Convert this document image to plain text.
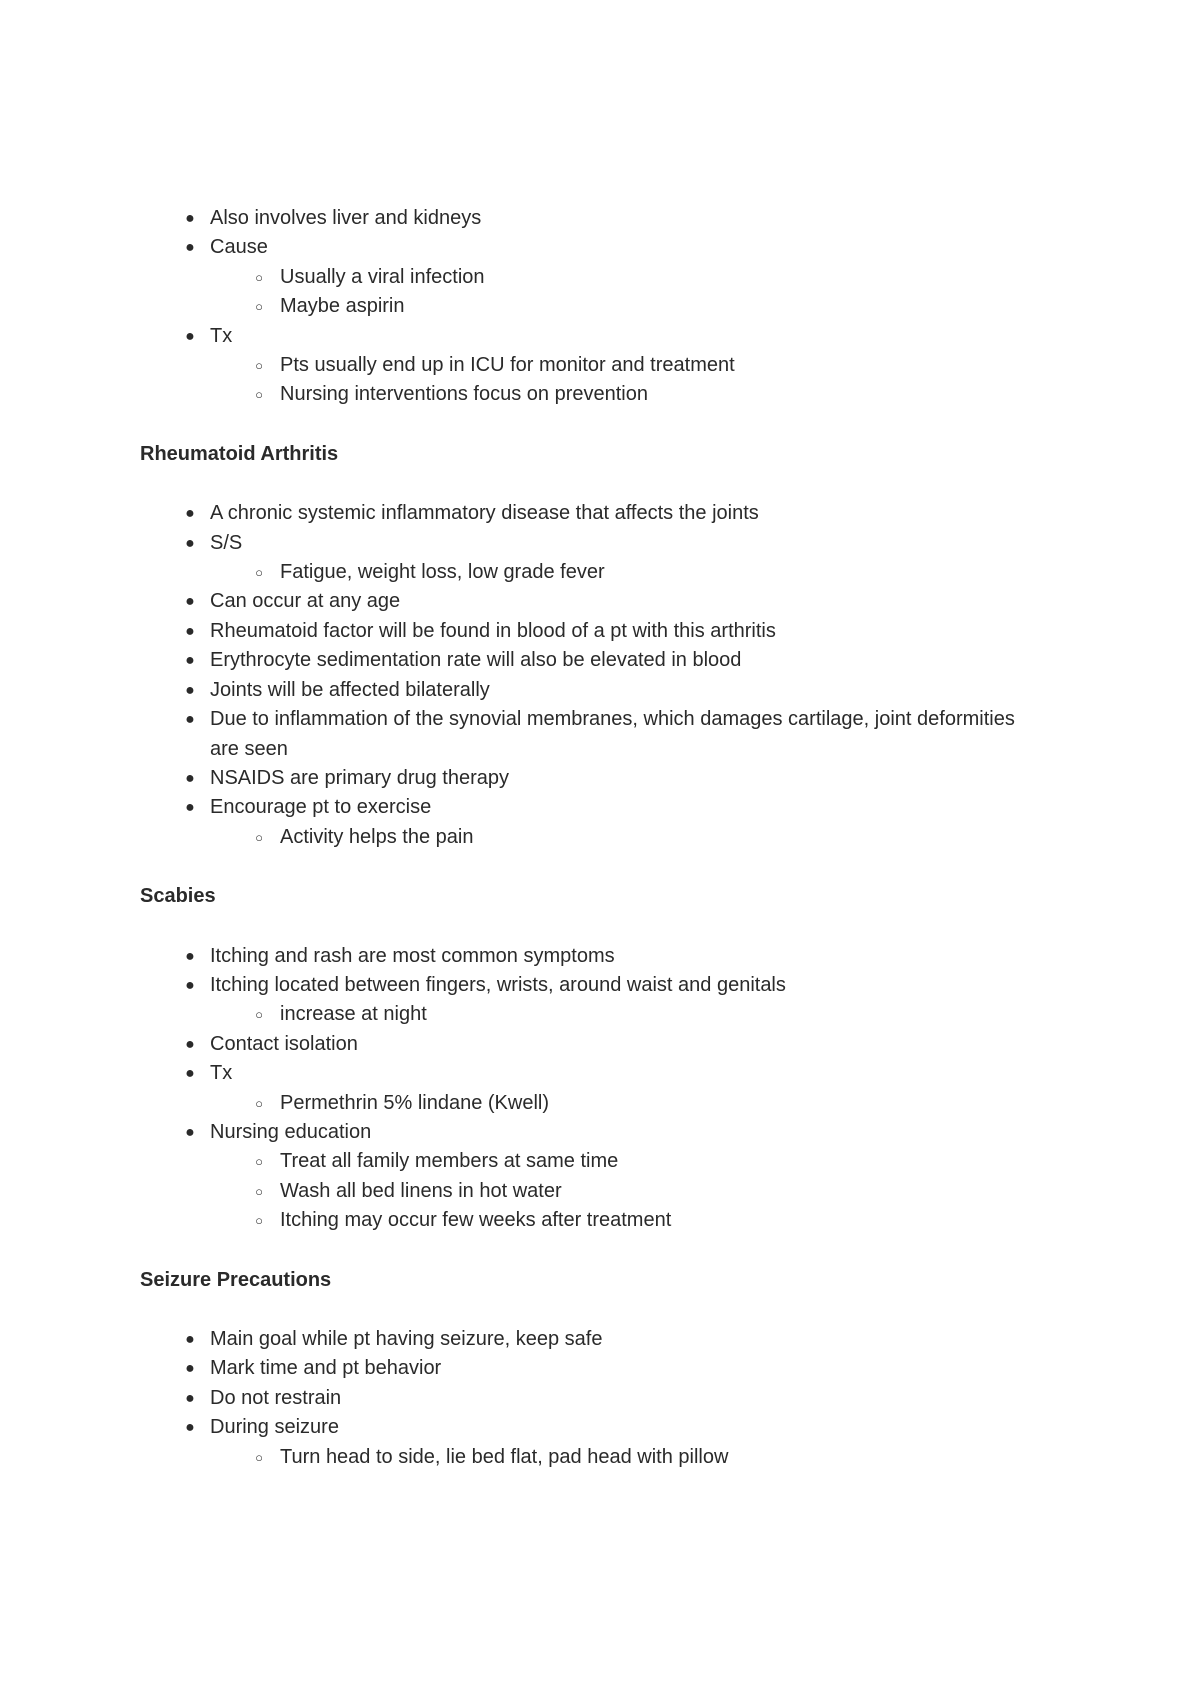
● Also involves liver and kidneys
● Cause
○ Usually a viral infection
○ Maybe aspirin
● Tx
○ Pts usually end up in ICU for monitor and treatment
○ Nursing interventions focus on prevention
Rheumatoid Arthritis
● A chronic systemic inflammatory disease that affects the joints
● S/S
○ Fatigue, weight loss, low grade fever
● Can occur at any age
● Rheumatoid factor will be found in blood of a pt with this arthritis
● Erythrocyte sedimentation rate will also be elevated in blood
● Joints will be affected bilaterally
● Due to inflammation of the synovial membranes, which damages cartilage, joint deformities are seen
● NSAIDS are primary drug therapy
● Encourage pt to exercise
○ Activity helps the pain
Scabies
● Itching and rash are most common symptoms
● Itching located between fingers, wrists, around waist and genitals
○ increase at night
● Contact isolation
● Tx
○ Permethrin 5% lindane (Kwell)
● Nursing education
○ Treat all family members at same time
○ Wash all bed linens in hot water
○ Itching may occur few weeks after treatment
Seizure Precautions
● Main goal while pt having seizure, keep safe
● Mark time and pt behavior
● Do not restrain
● During seizure
○ Turn head to side, lie bed flat, pad head with pillow
